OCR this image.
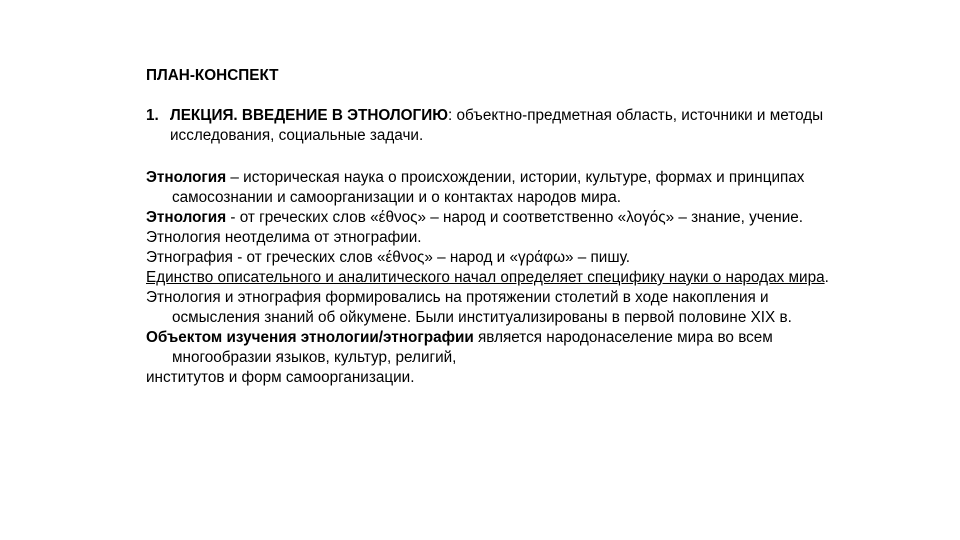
ПЛАН-КОНСПЕКТ
1. ЛЕКЦИЯ. ВВЕДЕНИЕ В ЭТНОЛОГИЮ: объектно-предметная область, источники и методы исследования, социальные задачи.

Этнология – историческая наука о происхождении, истории, культуре, формах и принципах самосознании и самоорганизации и о контактах народов мира.

Этнология - от греческих слов «έθνος» – народ и соответственно «λογός» – знание, учение.

Этнология неотделима от этнографии.

Этнография - от греческих слов «έθνος» – народ и «γράφω» – пишу.

Единство описательного и аналитического начал определяет специфику науки о народах мира.

Этнология и этнография формировались на протяжении столетий в ходе накопления и осмысления знаний об ойкумене. Были институализированы в первой половине XIX в.

Объектом изучения этнологии/этнографии является народонаселение мира во всем многообразии языков, культур, религий,

институтов и форм самоорганизации.
